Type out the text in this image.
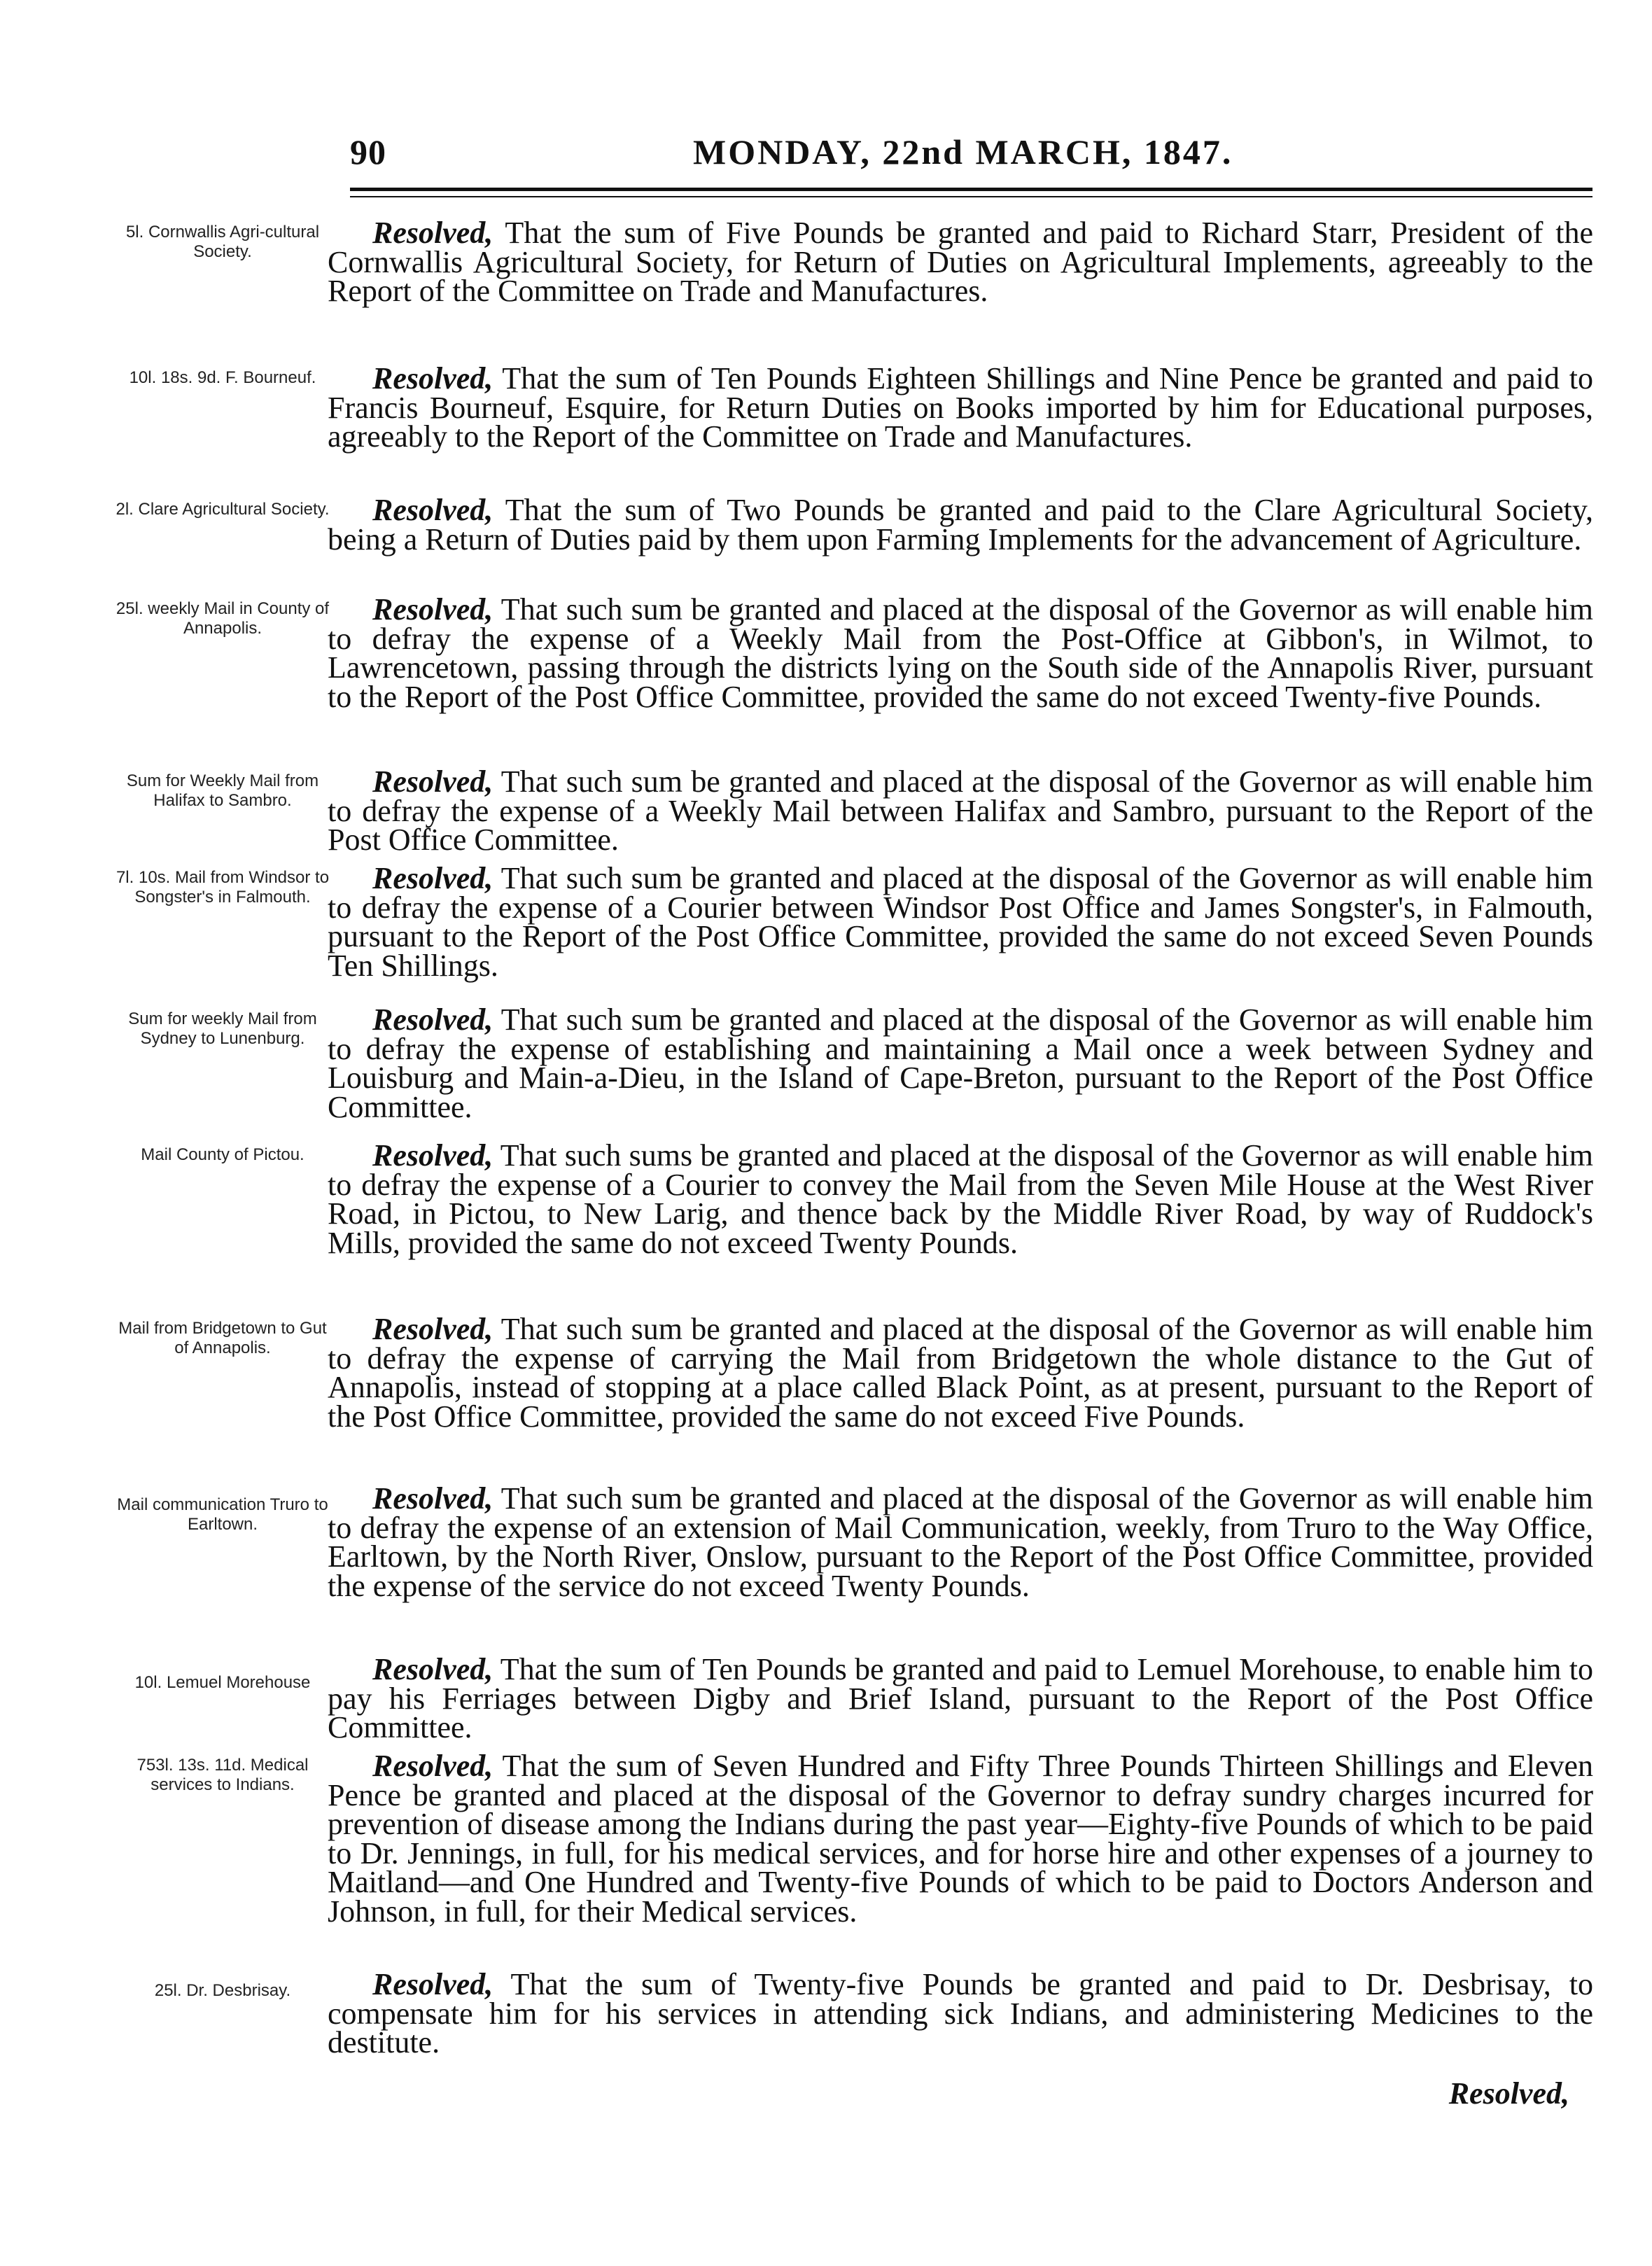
90	MONDAY, 22nd MARCH, 1847.
5l. Cornwallis Agri-cultural Society.
Resolved, That the sum of Five Pounds be granted and paid to Richard Starr, President of the Cornwallis Agricultural Society, for Return of Duties on Agricultural Implements, agreeably to the Report of the Committee on Trade and Manufactures.
10l. 18s. 9d. F. Bourneuf.	Resolved, That the sum of Ten Pounds Eighteen Shillings and Nine Pence be granted and paid to Francis Bourneuf, Esquire, for Return Duties on Books imported by him for Educational purposes, agreeably to the Report of the Committee on Trade and Manufactures.
2l. Clare Agricultural Society.	Resolved, That the sum of Two Pounds be granted and paid to the Clare Agricultural Society, being a Return of Duties paid by them upon Farming Implements for the advancement of Agriculture.
25l. weekly Mail in County of Annapolis.
Resolved, That such sum be granted and placed at the disposal of the Governor as will enable him to defray the expense of a Weekly Mail from the Post-Office at Gibbon's, in Wilmot, to Lawrencetown, passing through the districts lying on the South side of the Annapolis River, pursuant to the Report of the Post Office Committee, provided the same do not exceed Twenty-five Pounds.
Sum for Weekly Mail from Halifax to Sambro.
Resolved, That such sum be granted and placed at the disposal of the Governor as will enable him to defray the expense of a Weekly Mail between Halifax and Sambro, pursuant to the Report of the Post Office Committee.
7l. 10s. Mail from Windsor to Songster's in Falmouth.
Resolved, That such sum be granted and placed at the disposal of the Governor as will enable him to defray the expense of a Courier between Windsor Post Office and James Songster's, in Falmouth, pursuant to the Report of the Post Office Committee, provided the same do not exceed Seven Pounds Ten Shillings.
Sum for weekly Mail from Sydney to Lunenburg.
Resolved, That such sum be granted and placed at the disposal of the Governor as will enable him to defray the expense of establishing and maintaining a Mail once a week between Sydney and Louisburg and Main-a-Dieu, in the Island of Cape-Breton, pursuant to the Report of the Post Office Committee.
Mail County of Pictou.	Resolved, That such sums be granted and placed at the disposal of the Governor as will enable him to defray the expense of a Courier to convey the Mail from the Seven Mile House at the West River Road, in Pictou, to New Larig, and thence back by the Middle River Road, by way of Ruddock's Mills, provided the same do not exceed Twenty Pounds.
Mail from Bridgetown to Gut of Annapolis.
Resolved, That such sum be granted and placed at the disposal of the Governor as will enable him to defray the expense of carrying the Mail from Bridgetown the whole distance to the Gut of Annapolis, instead of stopping at a place called Black Point, as at present, pursuant to the Report of the Post Office Committee, provided the same do not exceed Five Pounds.
Mail communication Truro to Earltown.
Resolved, That such sum be granted and placed at the disposal of the Governor as will enable him to defray the expense of an extension of Mail Communication, weekly, from Truro to the Way Office, Earltown, by the North River, Onslow, pursuant to the Report of the Post Office Committee, provided the expense of the service do not exceed Twenty Pounds.
10l. Lemuel Morehouse	Resolved, That the sum of Ten Pounds be granted and paid to Lemuel Morehouse, to enable him to pay his Ferriages between Digby and Brief Island, pursuant to the Report of the Post Office Committee.
753l. 13s. 11d. Medical services to Indians.
Resolved, That the sum of Seven Hundred and Fifty Three Pounds Thirteen Shillings and Eleven Pence be granted and placed at the disposal of the Governor to defray sundry charges incurred for prevention of disease among the Indians during the past year—Eighty-five Pounds of which to be paid to Dr. Jennings, in full, for his medical services, and for horse hire and other expenses of a journey to Maitland—and One Hundred and Twenty-five Pounds of which to be paid to Doctors Anderson and Johnson, in full, for their Medical services.
25l. Dr. Desbrisay.	Resolved, That the sum of Twenty-five Pounds be granted and paid to Dr. Desbrisay, to compensate him for his services in attending sick Indians, and administering Medicines to the destitute.
Resolved,
